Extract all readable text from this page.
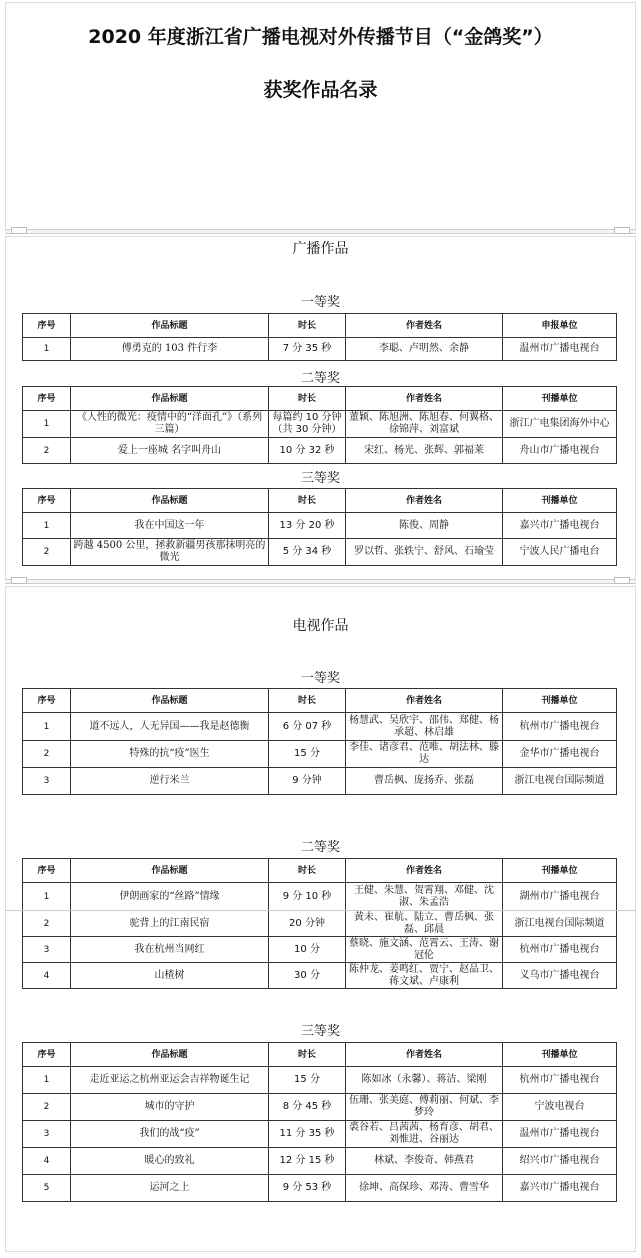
2020 年度浙江省广播电视对外传播节目（“金鸽奖”）
获奖作品名录
广播作品
一等奖
序号	作品标题	时长	作者姓名	申报单位
1	傅勇克的 103 件行李	7 分 35 秒	李聪、卢明然、余静	温州市广播电视台
二等奖
序号	作品标题	时长	作者姓名	刊播单位
1	《人性的微光：疫情中的“洋面孔”》（系列三篇）	每篇约 10 分钟（共 30 分钟）	董颖、陈旭洲、陈旭春、何翼格、徐锦萍、刘富斌	浙江广电集团海外中心
2	爱上一座城 名字叫舟山	10 分 32 秒	宋红、杨光、张辉、郭福莱	舟山市广播电视台
三等奖
序号	作品标题	时长	作者姓名	刊播单位
1	我在中国这一年	13 分 20 秒	陈俊、周静	嘉兴市广播电视台
2	跨越 4500 公里，拯救新疆男孩那抹明亮的微光	5 分 34 秒	罗以哲、张轶宁、舒风、石瑜莹	宁波人民广播电台
电视作品
一等奖
序号	作品标题	时长	作者姓名	刊播单位
1	道不远人，人无异国——我是赵德衡	6 分 07 秒	杨慧武、吴欣宇、邵伟、郑健、杨承超、林启雄	杭州市广播电视台
2	特殊的抗“疫”医生	15 分	李佳、诸彦君、范唯、胡法林、滕达	金华市广播电视台
3	逆行米兰	9 分钟	曹岳枫、庞扬乔、张磊	浙江电视台国际频道
二等奖
序号	作品标题	时长	作者姓名	刊播单位
1	伊朗画家的“丝路”情缘	9 分 10 秒	王健、朱慧、贺霄翔、邓健、沈淑、朱孟浩	湖州市广播电视台
2	驼背上的江南民宿	20 分钟	黄未、崔航、陆立、曹岳枫、张磊、邱晨	浙江电视台国际频道
3	我在杭州当网红	10 分	蔡晓、施文涵、范霄云、王涛、谢冠伦	杭州市广播电视台
4	山楂树	30 分	陈仲龙、姜鸣红、贾宁、赵品卫、蒋文斌、卢康利	义乌市广播电视台
三等奖
序号	作品标题	时长	作者姓名	刊播单位
1	走近亚运之杭州亚运会吉祥物诞生记	15 分	陈如冰（永馨）、蒋洁、梁刚	杭州市广播电视台
2	城市的守护	8 分 45 秒	伍珊、张美庭、傅莉丽、何斌、李梦玲	宁波电视台
3	我们的战“疫”	11 分 35 秒	裘谷若、吕茜茜、杨育彦、胡君、刘惟进、谷丽达	温州市广播电视台
4	暖心的致礼	12 分 15 秒	林斌、李俊奇、韩燕君	绍兴市广播电视台
5	运河之上	9 分 53 秒	徐坤、高保珍、邓涛、曹雪华	嘉兴市广播电视台
